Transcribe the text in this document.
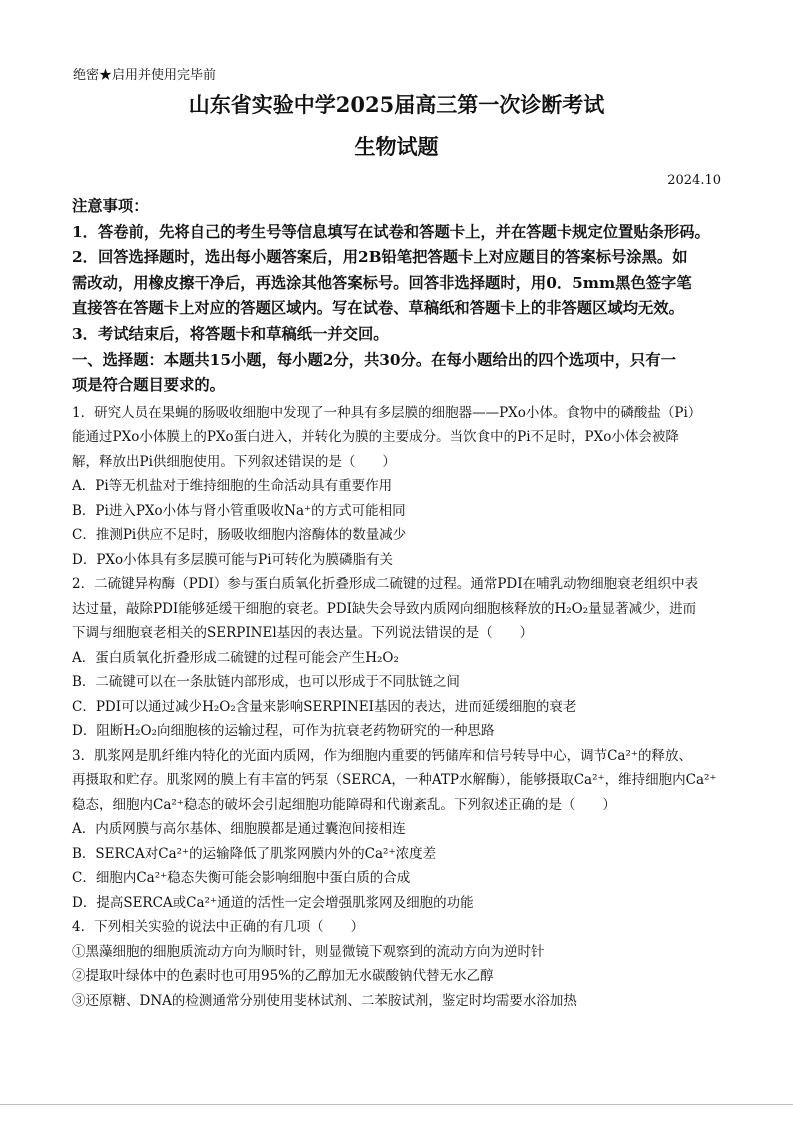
绝密★启用并使用完毕前
山东省实验中学2025届高三第一次诊断考试
生物试题
2024.10

注意事项：

1．答卷前，先将自己的考生号等信息填写在试卷和答题卡上，并在答题卡规定位置贴条形码。

2．回答选择题时，选出每小题答案后，用2B铅笔把答题卡上对应题目的答案标号涂黑。如

需改动，用橡皮擦干净后，再选涂其他答案标号。回答非选择题时，用0．5mm黑色签字笔

直接答在答题卡上对应的答题区域内。写在试卷、草稿纸和答题卡上的非答题区域均无效。

3．考试结束后，将答题卡和草稿纸一并交回。

一、选择题：本题共15小题，每小题2分，共30分。在每小题给出的四个选项中，只有一

项是符合题目要求的。

1．研究人员在果蝇的肠吸收细胞中发现了一种具有多层膜的细胞器——PXo小体。食物中的磷酸盐（Pi）

能通过PXo小体膜上的PXo蛋白进入，并转化为膜的主要成分。当饮食中的Pi不足时，PXo小体会被降

解，释放出Pi供细胞使用。下列叙述错误的是（　　）

A．Pi等无机盐对于维持细胞的生命活动具有重要作用

B．Pi进入PXo小体与肾小管重吸收Na⁺的方式可能相同

C．推测Pi供应不足时，肠吸收细胞内溶酶体的数量减少

D．PXo小体具有多层膜可能与Pi可转化为膜磷脂有关

2．二硫键异构酶（PDI）参与蛋白质氧化折叠形成二硫键的过程。通常PDI在哺乳动物细胞衰老组织中表

达过量，敲除PDI能够延缓干细胞的衰老。PDI缺失会导致内质网向细胞核释放的H₂O₂量显著减少，进而

下调与细胞衰老相关的SERPINEl基因的表达量。下列说法错误的是（　　）

A．蛋白质氧化折叠形成二硫键的过程可能会产生H₂O₂

B．二硫键可以在一条肽链内部形成，也可以形成于不同肽链之间

C．PDI可以通过减少H₂O₂含量来影响SERPINEI基因的表达，进而延缓细胞的衰老

D．阻断H₂O₂向细胞核的运输过程，可作为抗衰老药物研究的一种思路

3．肌浆网是肌纤维内特化的光面内质网，作为细胞内重要的钙储库和信号转导中心，调节Ca²⁺的释放、

再摄取和贮存。肌浆网的膜上有丰富的钙泵（SERCA，一种ATP水解酶），能够摄取Ca²⁺，维持细胞内Ca²⁺

稳态，细胞内Ca²⁺稳态的破坏会引起细胞功能障碍和代谢紊乱。下列叙述正确的是（　　）

A．内质网膜与高尔基体、细胞膜都是通过囊泡间接相连

B．SERCA对Ca²⁺的运输降低了肌浆网膜内外的Ca²⁺浓度差

C．细胞内Ca²⁺稳态失衡可能会影响细胞中蛋白质的合成

D．提高SERCA或Ca²⁺通道的活性一定会增强肌浆网及细胞的功能

4．下列相关实验的说法中正确的有几项（　　）

①黑藻细胞的细胞质流动方向为顺时针，则显微镜下观察到的流动方向为逆时针

②提取叶绿体中的色素时也可用95%的乙醇加无水碳酸钠代替无水乙醇

③还原糖、DNA的检测通常分别使用斐林试剂、二苯胺试剂，鉴定时均需要水浴加热
